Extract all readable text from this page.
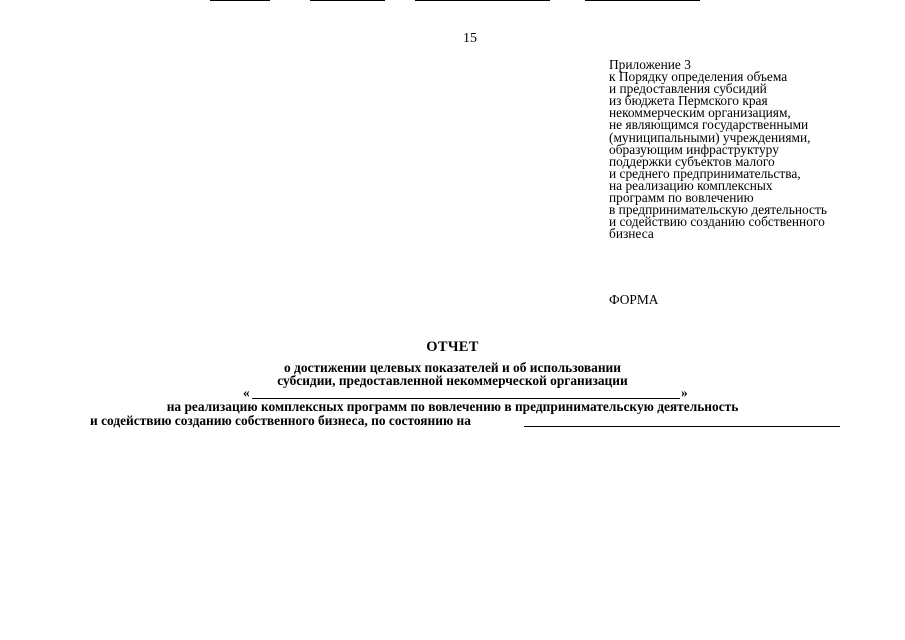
15
Приложение 3
к Порядку определения объема
и предоставления субсидий
из бюджета Пермского края
некоммерческим организациям,
не являющимся государственными
(муниципальными) учреждениями,
образующим инфраструктуру
поддержки субъектов малого
и среднего предпринимательства,
на реализацию комплексных
программ по вовлечению
в предпринимательскую деятельность
и содействию созданию собственного
бизнеса
ФОРМА
ОТЧЕТ
о достижении целевых показателей и об использовании
субсидии, предоставленной некоммерческой организации
«	»
на реализацию комплексных программ по вовлечению в предпринимательскую деятельность
и содействию созданию собственного бизнеса, по состоянию на
